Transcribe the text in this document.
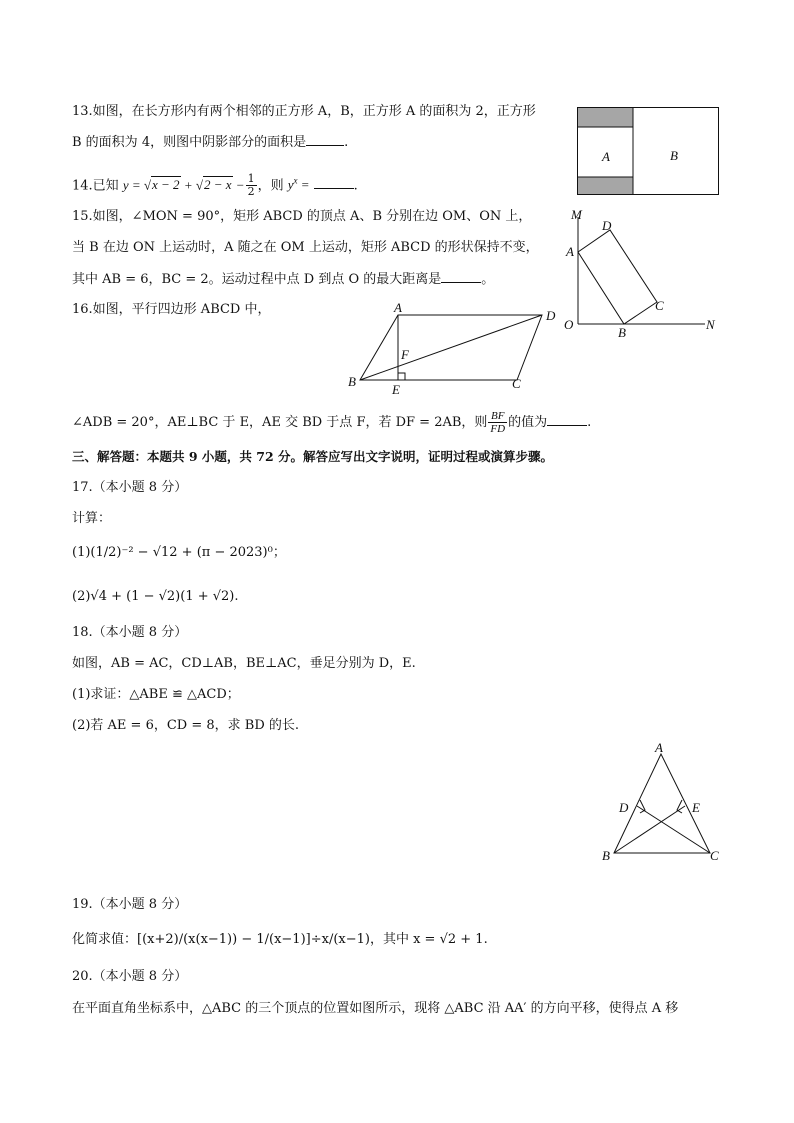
13.如图，在长方形内有两个相邻的正方形 A，B，正方形 A 的面积为 2，正方形
B 的面积为 4，则图中阴影部分的面积是	.
A	B
14.已知 $y = √x - 2 + √2 - x - \frac{1}{2}$ ，则 $y^x$ =	.
15.如图，∠MON = 90°，矩形 ABCD 的顶点 A、B 分别在边 OM、ON 上，
当 B 在边 ON 上运动时，A 随之在 OM 上运动，矩形 ABCD 的形状保持不变，
其中 AB = 6，BC = 2。运动过程中点 D 到点 O 的最大距离是	。
M
D
A
C
O
B
N
16.如图，平行四边形 ABCD 中，	A
D
F
B
E	C
∠ADB = 20°，AE⊥BC 于 E，AE 交 BD 于点 F，若 DF = 2AB，则 $\frac{BF}{FD}$ 的值为	.
三、解答题：本题共 9 小题，共 72 分。解答应写出文字说明，证明过程或演算步骤。
17.（本小题 8 分）
计算：
(1)(1/2)⁻² − √12 + (π − 2023)⁰；
(2)√4 + (1 − √2)(1 + √2).
18.（本小题 8 分）
如图，AB = AC，CD⊥AB，BE⊥AC，垂足分别为 D，E.
(1)求证：△ABE ≌ △ACD；
(2)若 AE = 6，CD = 8，求 BD 的长.
A
D	E
B	C
19.（本小题 8 分）
化简求值：[(x+2)/(x(x−1)) − 1/(x−1)]÷x/(x−1)，其中 x = √2 + 1.
20.（本小题 8 分）
在平面直角坐标系中，△ABC 的三个顶点的位置如图所示，现将 △ABC 沿 AA′ 的方向平移，使得点 A 移
